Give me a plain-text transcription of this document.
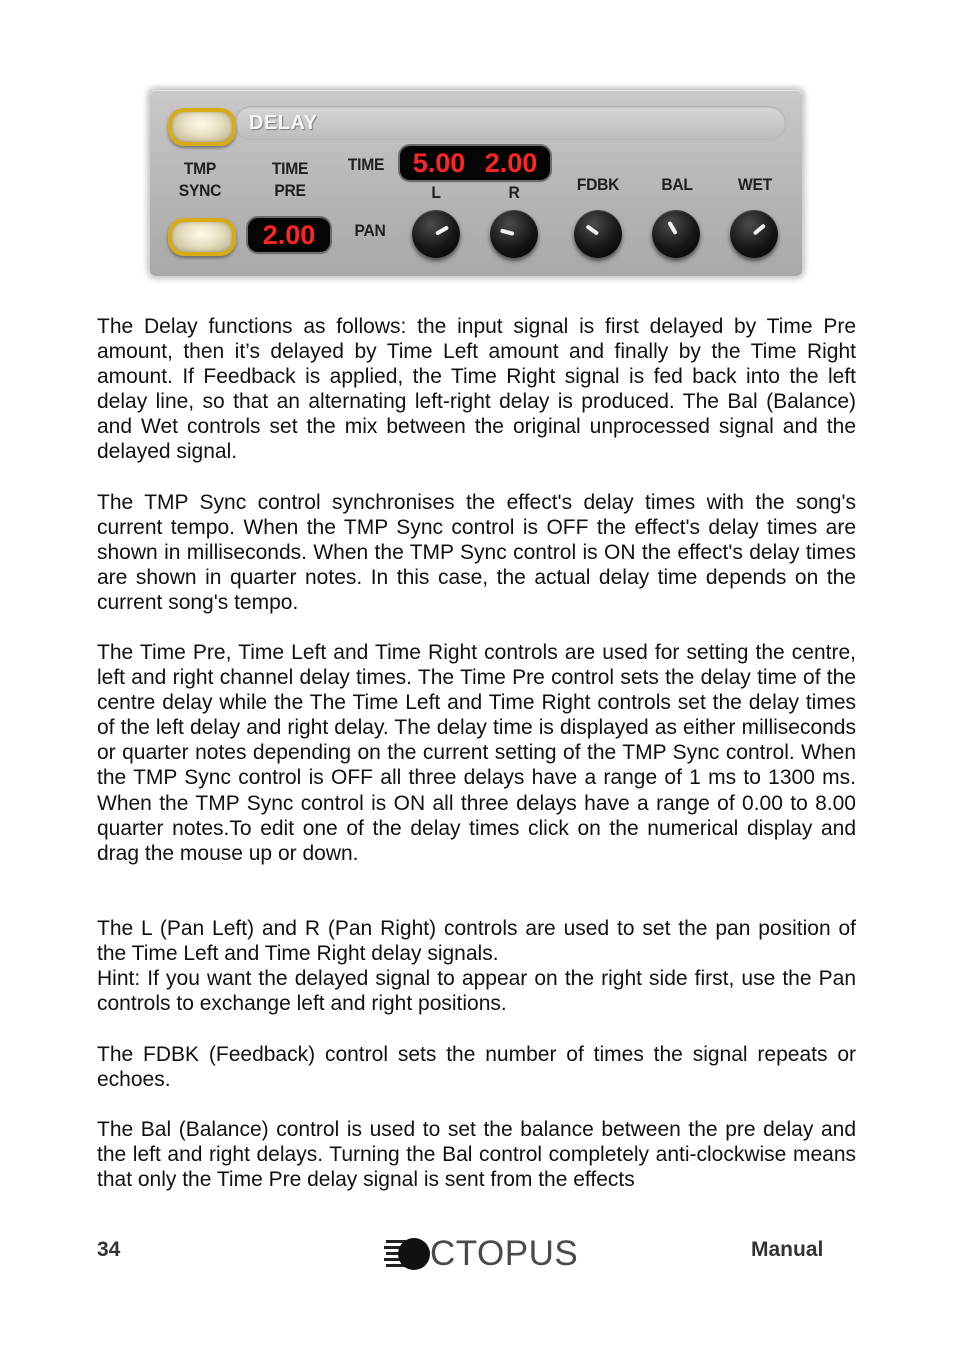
DELAY
TMP
SYNC
TIME
PRE
2.00
TIME	5.00 2.00
PAN
L	R	FDBK	BAL	WET

The Delay functions as follows: the input signal is first delayed by Time Pre amount, then it’s delayed by Time Left amount and finally by the Time Right amount. If Feedback is applied, the Time Right signal is fed back into the left delay line, so that an alternating left-right delay is produced. The Bal (Balance) and Wet controls set the mix between the original unprocessed signal and the delayed signal.

The TMP Sync control synchronises the effect's delay times with the song's current tempo. When the TMP Sync control is OFF the effect's delay times are shown in milliseconds. When the TMP Sync control is ON the effect's delay times are shown in quarter notes. In this case, the actual delay time depends on the current song's tempo.

The Time Pre, Time Left and Time Right controls are used for setting the centre, left and right channel delay times. The Time Pre control sets the delay time of the centre delay while the The Time Left and Time Right controls set the delay times of the left delay and right delay. The delay time is displayed as either milliseconds or quarter notes depending on the current setting of the TMP Sync control. When the TMP Sync control is OFF all three delays have a range of 1 ms to 1300 ms. When the TMP Sync control is ON all three delays have a range of 0.00 to 8.00 quarter notes.To edit one of the delay times click on the numerical display and drag the mouse up or down.

The L (Pan Left) and R (Pan Right) controls are used to set the pan position of the Time Left and Time Right delay signals.

Hint: If you want the delayed signal to appear on the right side first, use the Pan controls to exchange left and right positions.

The FDBK (Feedback) control sets the number of times the signal repeats or echoes.

The Bal (Balance) control is used to set the balance between the pre delay and the left and right delays. Turning the Bal control completely anti-clockwise means that only the Time Pre delay signal is sent from the effects

34	CTOPUS	Manual
